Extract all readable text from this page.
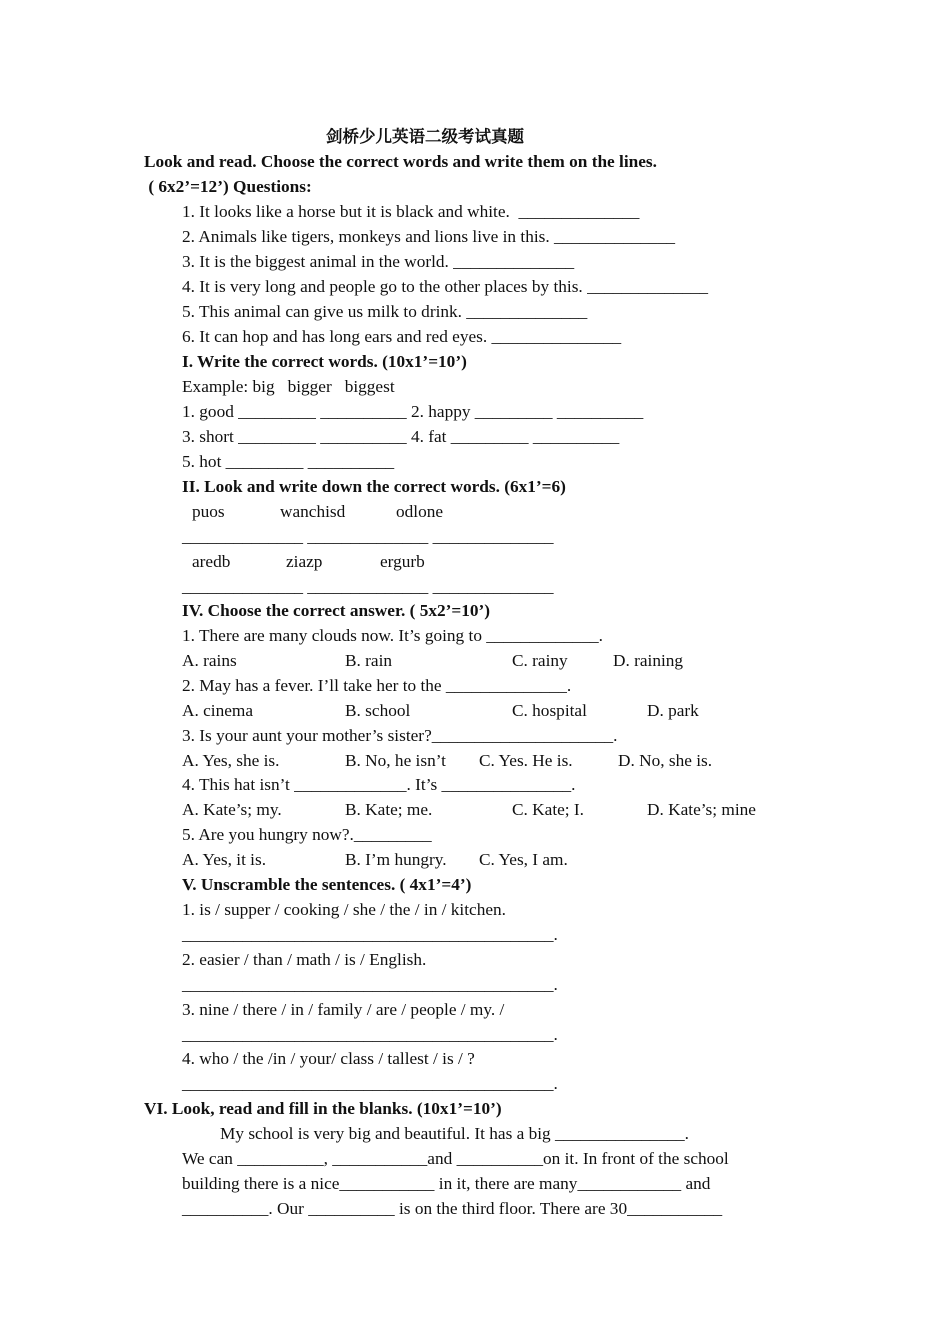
剑桥少儿英语二级考试真题
Look and read. Choose the correct words and write them on the lines.
( 6x2’=12’) Questions:
1. It looks like a horse but it is black and white.  ______________
2. Animals like tigers, monkeys and lions live in this. ______________
3. It is the biggest animal in the world. ______________
4. It is very long and people go to the other places by this. ______________
5. This animal can give us milk to drink. ______________
6. It can hop and has long ears and red eyes. _______________
I. Write the correct words. (10x1’=10’)
Example: big   bigger   biggest
1. good _________ __________ 2. happy _________ __________
3. short _________ __________ 4. fat _________ __________
5. hot _________ __________
II. Look and write down the correct words. (6x1’=6)
puos	wanchisd	odlone
______________ ______________ ______________
aredb	ziazp	ergurb
______________ ______________ ______________
IV. Choose the correct answer. ( 5x2’=10’)
1. There are many clouds now. It’s going to _____________.
A. rains	B. rain	C. rainy	D. raining
2. May has a fever. I’ll take her to the ______________.
A. cinema	B. school	C. hospital	D. park
3. Is your aunt your mother’s sister?_____________________.
A. Yes, she is.	B. No, he isn’t C. Yes. He is.	D. No, she is.
4. This hat isn’t _____________. It’s _______________.
A. Kate’s; my.	B. Kate; me.	C. Kate; I.	D. Kate’s; mine
5. Are you hungry now?._________
A. Yes, it is.	B. I’m hungry. C. Yes, I am.
V. Unscramble the sentences. ( 4x1’=4’)
1. is / supper / cooking / she / the / in / kitchen.
___________________________________________.
2. easier / than / math / is / English.
___________________________________________.
3. nine / there / in / family / are / people / my. /
___________________________________________.
4. who / the /in / your/ class / tallest / is / ?
___________________________________________.
VI. Look, read and fill in the blanks. (10x1’=10’)
My school is very big and beautiful. It has a big _______________.
We can __________, ___________and __________on it. In front of the school
building there is a nice___________ in it, there are many____________ and
__________. Our __________ is on the third floor. There are 30___________
